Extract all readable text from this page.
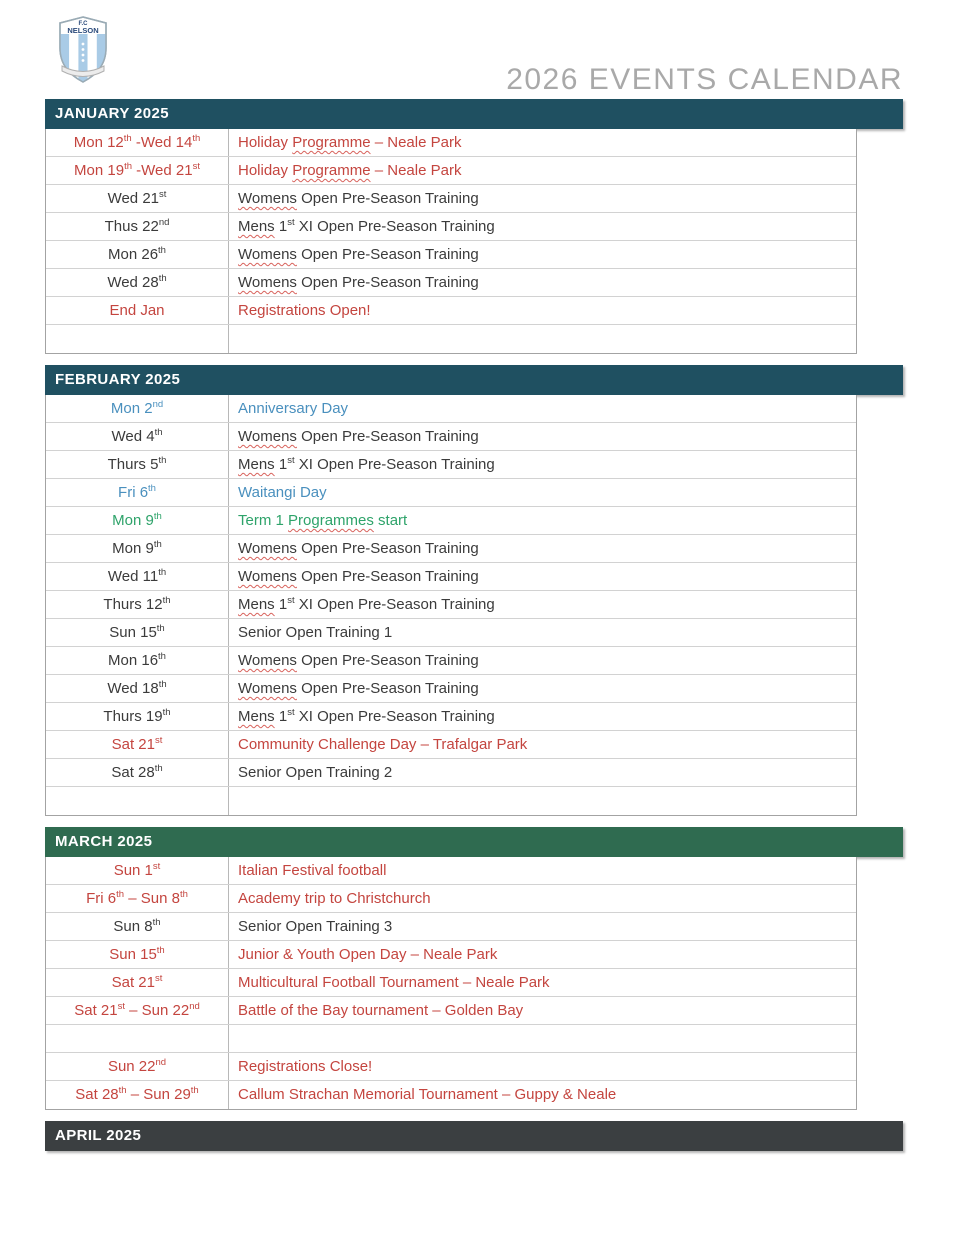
F.C
NELSON
2026 EVENTS CALENDAR
JANUARY 2025
Mon 12th -Wed 14th	Holiday Programme – Neale Park
Mon 19th -Wed 21st	Holiday Programme – Neale Park
Wed 21st	Womens Open Pre-Season Training
Thus 22nd	Mens 1st XI Open Pre-Season Training
Mon 26th	Womens Open Pre-Season Training
Wed 28th	Womens Open Pre-Season Training
End Jan	Registrations Open!

FEBRUARY 2025
Mon 2nd	Anniversary Day
Wed 4th	Womens Open Pre-Season Training
Thurs 5th	Mens 1st XI Open Pre-Season Training
Fri 6th	Waitangi Day
Mon 9th	Term 1 Programmes start
Mon 9th	Womens Open Pre-Season Training
Wed 11th	Womens Open Pre-Season Training
Thurs 12th	Mens 1st XI Open Pre-Season Training
Sun 15th	Senior Open Training 1
Mon 16th	Womens Open Pre-Season Training
Wed 18th	Womens Open Pre-Season Training
Thurs 19th	Mens 1st XI Open Pre-Season Training
Sat 21st	Community Challenge Day – Trafalgar Park
Sat 28th	Senior Open Training 2

MARCH 2025
Sun 1st	Italian Festival football
Fri 6th – Sun 8th	Academy trip to Christchurch
Sun 8th	Senior Open Training 3
Sun 15th	Junior & Youth Open Day – Neale Park
Sat 21st	Multicultural Football Tournament – Neale Park
Sat 21st – Sun 22nd	Battle of the Bay tournament – Golden Bay

Sun 22nd	Registrations Close!
Sat 28th – Sun 29th	Callum Strachan Memorial Tournament – Guppy & Neale
APRIL 2025
